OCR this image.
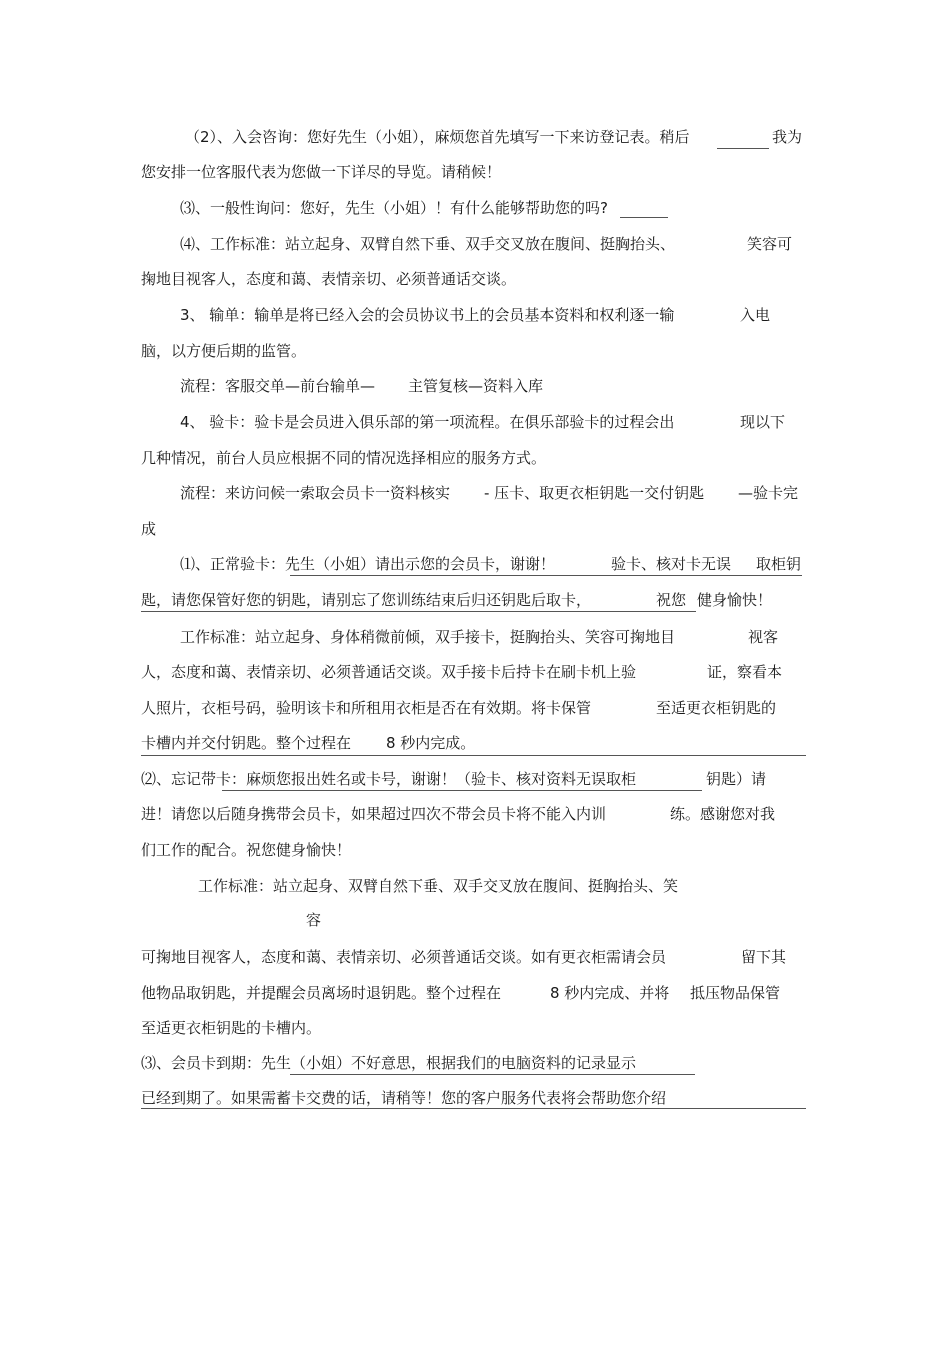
（2）、入会咨询：您好先生（小姐），麻烦您首先填写一下来访登记表。稍后	我为
您安排一位客服代表为您做一下详尽的导览。请稍候！
⑶、一般性询问：您好，先生（小姐）！有什么能够帮助您的吗?
⑷、工作标准：站立起身、双臂自然下垂、双手交叉放在腹间、挺胸抬头、	笑容可
掬地目视客人，态度和蔼、表情亲切、必须普通话交谈。
3、 输单：输单是将已经入会的会员协议书上的会员基本资料和权利逐一输	入电
脑，以方便后期的监管。
流程：客服交单—前台输单— 主管复核—资料入库
4、 验卡：验卡是会员进入俱乐部的第一项流程。在俱乐部验卡的过程会出	现以下
几种情况，前台人员应根据不同的情况选择相应的服务方式。
流程：来访问候一索取会员卡一资料核实 - 压卡、取更衣柜钥匙一交付钥匙 —验卡完
成
⑴、正常验卡：先生（小姐）请出示您的会员卡，谢谢！	验卡、核对卡无误 取柜钥
匙，请您保管好您的钥匙，请别忘了您训练结束后归还钥匙后取卡，	祝您 健身愉快！
工作标准：站立起身、身体稍微前倾，双手接卡，挺胸抬头、笑容可掬地目	视客
人，态度和蔼、表情亲切、必须普通话交谈。双手接卡后持卡在刷卡机上验	证，察看本
人照片，衣柜号码，验明该卡和所租用衣柜是否在有效期。将卡保管	至适更衣柜钥匙的
卡槽内并交付钥匙。整个过程在 8 秒内完成。
⑵、忘记带卡：麻烦您报出姓名或卡号，谢谢！（验卡、核对资料无误取柜	钥匙）请
进！请您以后随身携带会员卡，如果超过四次不带会员卡将不能入内训	练。感谢您对我
们工作的配合。祝您健身愉快！
工作标准：站立起身、双臂自然下垂、双手交叉放在腹间、挺胸抬头、笑
容
可掬地目视客人，态度和蔼、表情亲切、必须普通话交谈。如有更衣柜需请会员	留下其
他物品取钥匙，并提醒会员离场时退钥匙。整个过程在	8 秒内完成、并将 抵压物品保管
至适更衣柜钥匙的卡槽内。
⑶、会员卡到期：先生（小姐）不好意思，根据我们的电脑资料的记录显示
已经到期了。如果需蓄卡交费的话，请稍等！您的客户服务代表将会帮助您介绍
